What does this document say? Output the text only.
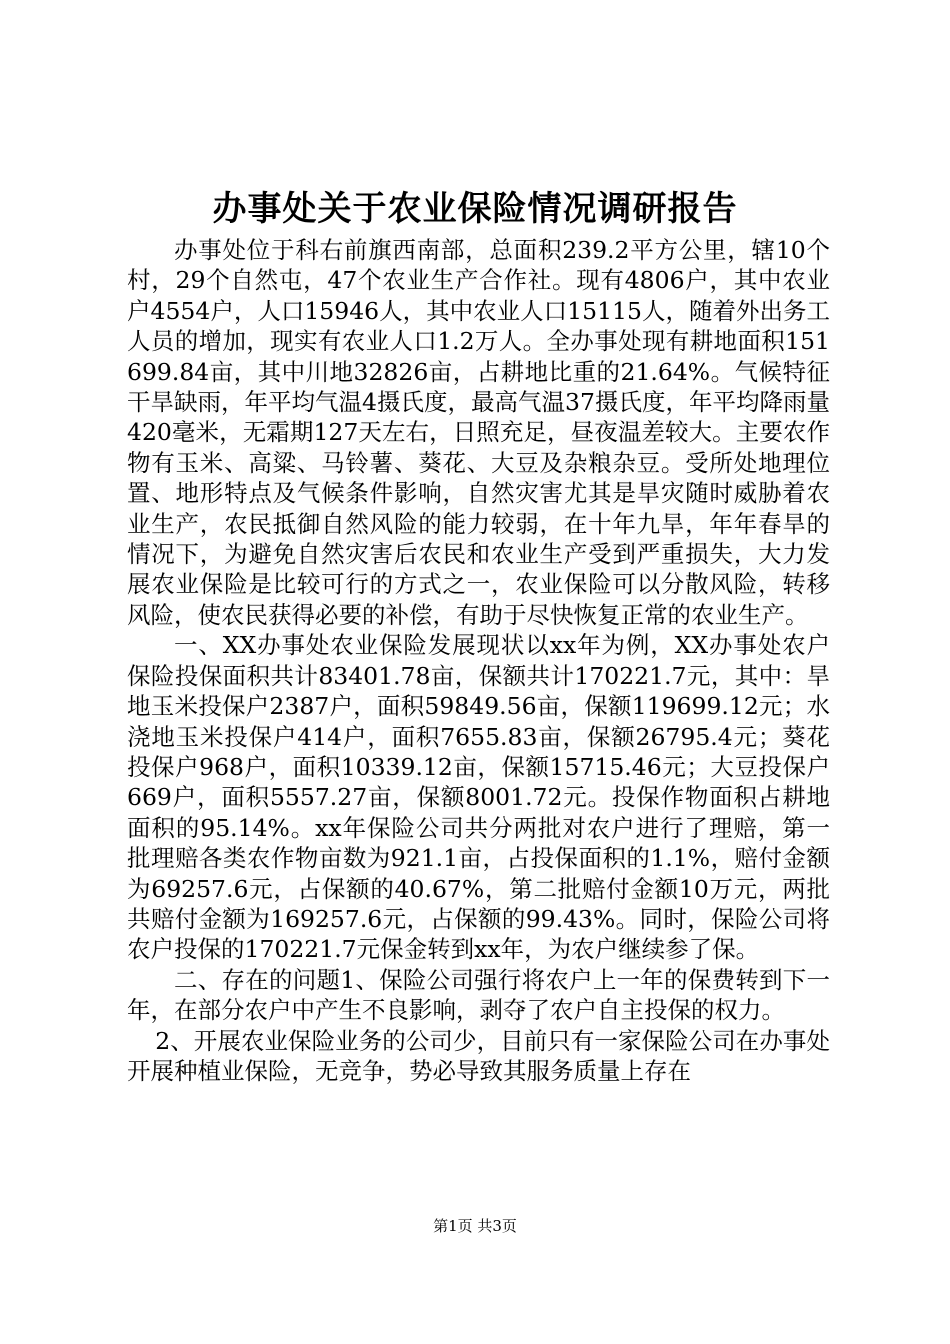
办事处关于农业保险情况调研报告

办事处位于科右前旗西南部，总面积239.2平方公里，辖10个村，29个自然屯，47个农业生产合作社。现有4806户，其中农业户4554户，人口15946人，其中农业人口15115人，随着外出务工人员的增加，现实有农业人口1.2万人。全办事处现有耕地面积151699.84亩，其中川地32826亩，占耕地比重的21.64%。气候特征干旱缺雨，年平均气温4摄氏度，最高气温37摄氏度，年平均降雨量420毫米，无霜期127天左右，日照充足，昼夜温差较大。主要农作物有玉米、高粱、马铃薯、葵花、大豆及杂粮杂豆。受所处地理位置、地形特点及气候条件影响，自然灾害尤其是旱灾随时威胁着农业生产，农民抵御自然风险的能力较弱，在十年九旱，年年春旱的情况下，为避免自然灾害后农民和农业生产受到严重损失，大力发展农业保险是比较可行的方式之一，农业保险可以分散风险，转移风险，使农民获得必要的补偿，有助于尽快恢复正常的农业生产。

一、XX办事处农业保险发展现状以xx年为例，XX办事处农户保险投保面积共计83401.78亩，保额共计170221.7元，其中：旱地玉米投保户2387户，面积59849.56亩，保额119699.12元；水浇地玉米投保户414户，面积7655.83亩，保额26795.4元；葵花投保户968户，面积10339.12亩，保额15715.46元；大豆投保户669户，面积5557.27亩，保额8001.72元。投保作物面积占耕地面积的95.14%。xx年保险公司共分两批对农户进行了理赔，第一批理赔各类农作物亩数为921.1亩，占投保面积的1.1%，赔付金额为69257.6元，占保额的40.67%，第二批赔付金额10万元，两批共赔付金额为169257.6元，占保额的99.43%。同时，保险公司将农户投保的170221.7元保金转到xx年，为农户继续参了保。

二、存在的问题1、保险公司强行将农户上一年的保费转到下一年，在部分农户中产生不良影响，剥夺了农户自主投保的权力。

2、开展农业保险业务的公司少，目前只有一家保险公司在办事处开展种植业保险，无竞争，势必导致其服务质量上存在

第1页 共3页
